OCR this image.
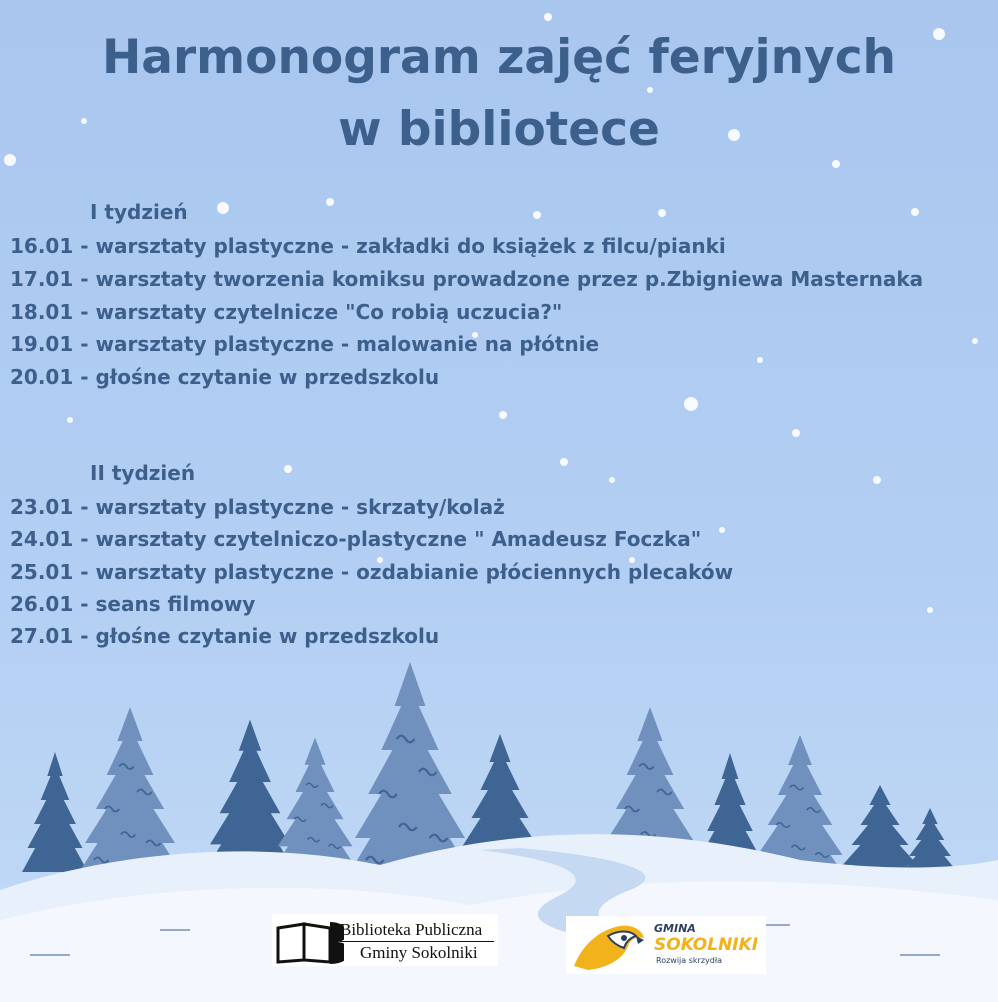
Harmonogram zajęć feryjnych
w bibliotece
I tydzień
16.01 - warsztaty plastyczne - zakładki do książek z filcu/pianki
17.01 - warsztaty tworzenia komiksu prowadzone przez p.Zbigniewa Masternaka
18.01 - warsztaty czytelnicze "Co robią uczucia?"
19.01 - warsztaty plastyczne - malowanie na płótnie
20.01 - głośne czytanie w przedszkolu
II tydzień
23.01 - warsztaty plastyczne - skrzaty/kolaż
24.01 - warsztaty czytelniczo-plastyczne " Amadeusz Foczka"
25.01 - warsztaty plastyczne - ozdabianie płóciennych plecaków
26.01 - seans filmowy
27.01 - głośne czytanie w przedszkolu
Biblioteka Publiczna
Gminy Sokolniki
GMINA
SOKOLNIKI
Rozwija skrzydła
